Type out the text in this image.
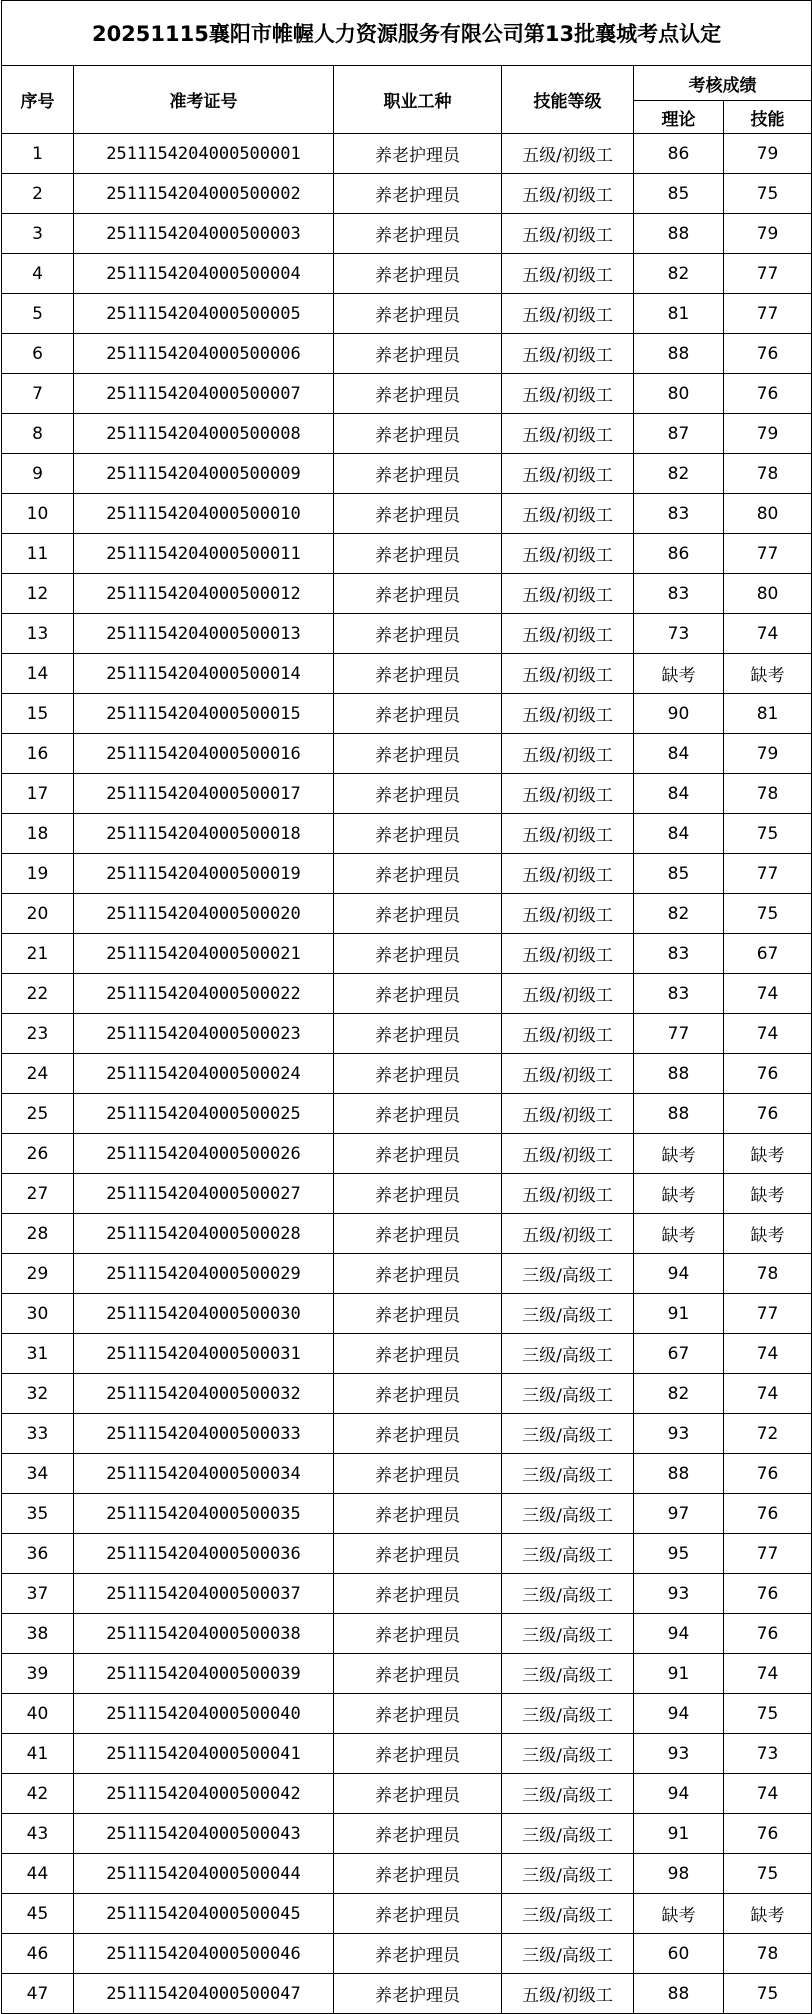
20251115襄阳市帷幄人力资源服务有限公司第13批襄城考点认定					
序号	准考证号	职业工种	技能等级	考核成绩	
				理论	技能
1	2511154204000500001	养老护理员	五级/初级工	86	79
2	2511154204000500002	养老护理员	五级/初级工	85	75
3	2511154204000500003	养老护理员	五级/初级工	88	79
4	2511154204000500004	养老护理员	五级/初级工	82	77
5	2511154204000500005	养老护理员	五级/初级工	81	77
6	2511154204000500006	养老护理员	五级/初级工	88	76
7	2511154204000500007	养老护理员	五级/初级工	80	76
8	2511154204000500008	养老护理员	五级/初级工	87	79
9	2511154204000500009	养老护理员	五级/初级工	82	78
10	2511154204000500010	养老护理员	五级/初级工	83	80
11	2511154204000500011	养老护理员	五级/初级工	86	77
12	2511154204000500012	养老护理员	五级/初级工	83	80
13	2511154204000500013	养老护理员	五级/初级工	73	74
14	2511154204000500014	养老护理员	五级/初级工	缺考	缺考
15	2511154204000500015	养老护理员	五级/初级工	90	81
16	2511154204000500016	养老护理员	五级/初级工	84	79
17	2511154204000500017	养老护理员	五级/初级工	84	78
18	2511154204000500018	养老护理员	五级/初级工	84	75
19	2511154204000500019	养老护理员	五级/初级工	85	77
20	2511154204000500020	养老护理员	五级/初级工	82	75
21	2511154204000500021	养老护理员	五级/初级工	83	67
22	2511154204000500022	养老护理员	五级/初级工	83	74
23	2511154204000500023	养老护理员	五级/初级工	77	74
24	2511154204000500024	养老护理员	五级/初级工	88	76
25	2511154204000500025	养老护理员	五级/初级工	88	76
26	2511154204000500026	养老护理员	五级/初级工	缺考	缺考
27	2511154204000500027	养老护理员	五级/初级工	缺考	缺考
28	2511154204000500028	养老护理员	五级/初级工	缺考	缺考
29	2511154204000500029	养老护理员	三级/高级工	94	78
30	2511154204000500030	养老护理员	三级/高级工	91	77
31	2511154204000500031	养老护理员	三级/高级工	67	74
32	2511154204000500032	养老护理员	三级/高级工	82	74
33	2511154204000500033	养老护理员	三级/高级工	93	72
34	2511154204000500034	养老护理员	三级/高级工	88	76
35	2511154204000500035	养老护理员	三级/高级工	97	76
36	2511154204000500036	养老护理员	三级/高级工	95	77
37	2511154204000500037	养老护理员	三级/高级工	93	76
38	2511154204000500038	养老护理员	三级/高级工	94	76
39	2511154204000500039	养老护理员	三级/高级工	91	74
40	2511154204000500040	养老护理员	三级/高级工	94	75
41	2511154204000500041	养老护理员	三级/高级工	93	73
42	2511154204000500042	养老护理员	三级/高级工	94	74
43	2511154204000500043	养老护理员	三级/高级工	91	76
44	2511154204000500044	养老护理员	三级/高级工	98	75
45	2511154204000500045	养老护理员	三级/高级工	缺考	缺考
46	2511154204000500046	养老护理员	三级/高级工	60	78
47	2511154204000500047	养老护理员	五级/初级工	88	75
